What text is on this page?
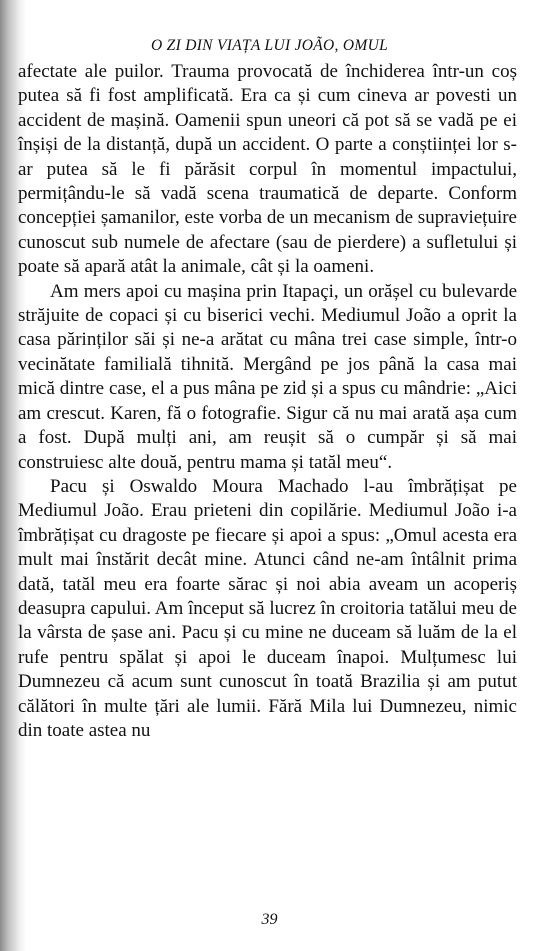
O ZI DIN VIAȚA LUI JOÃO, OMUL

afectate ale puilor. Trauma provocată de închiderea într-un coș putea să fi fost amplificată. Era ca și cum cineva ar povesti un accident de mașină. Oamenii spun uneori că pot să se vadă pe ei înșiși de la distanță, după un accident. O parte a conștiinței lor s-ar putea să le fi părăsit corpul în momentul impactului, permițându-le să vadă scena traumatică de departe. Conform concepției șamanilor, este vorba de un mecanism de supraviețuire cunoscut sub numele de afectare (sau de pierdere) a sufletului și poate să apară atât la animale, cât și la oameni.

Am mers apoi cu mașina prin Itapaçi, un orășel cu bulevarde străjuite de copaci și cu biserici vechi. Mediumul João a oprit la casa părinților săi și ne-a arătat cu mâna trei case simple, într-o vecinătate familială tihnită. Mergând pe jos până la casa mai mică dintre case, el a pus mâna pe zid și a spus cu mândrie: „Aici am crescut. Karen, fă o fotografie. Sigur că nu mai arată așa cum a fost. După mulți ani, am reușit să o cumpăr și să mai construiesc alte două, pentru mama și tatăl meu“.

Pacu și Oswaldo Moura Machado l-au îmbrățișat pe Mediumul João. Erau prieteni din copilărie. Mediumul João i-a îmbrățișat cu dragoste pe fiecare și apoi a spus: „Omul acesta era mult mai înstărit decât mine. Atunci când ne-am întâlnit prima dată, tatăl meu era foarte sărac și noi abia aveam un acoperiș deasupra capului. Am început să lucrez în croitoria tatălui meu de la vârsta de șase ani. Pacu și cu mine ne duceam să luăm de la el rufe pentru spălat și apoi le duceam înapoi. Mulțumesc lui Dumnezeu că acum sunt cunoscut în toată Brazilia și am putut călători în multe țări ale lumii. Fără Mila lui Dumnezeu, nimic din toate astea nu

39
